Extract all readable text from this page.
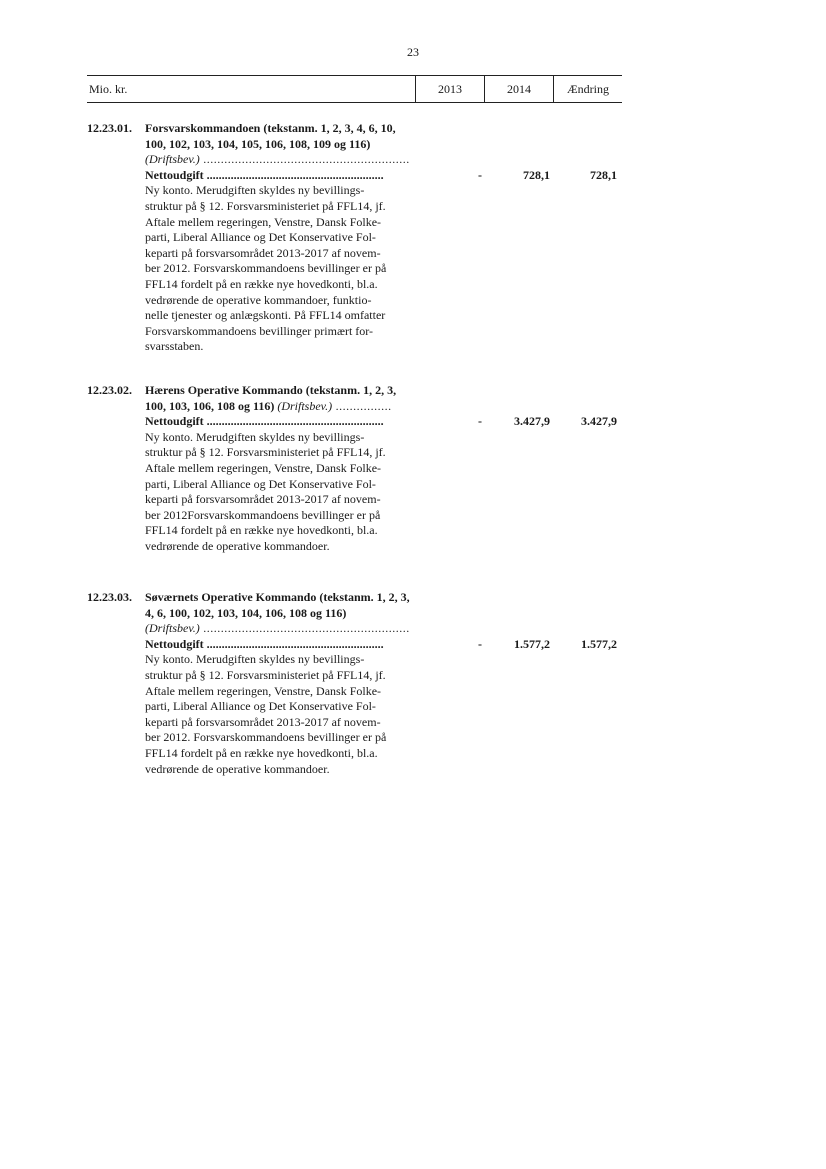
23
Mio. kr.	2013	2014	Ændring
12.23.01. Forsvarskommandoen (tekstanm. 1, 2, 3, 4, 6, 10,
100, 102, 103, 104, 105, 106, 108, 109 og 116)
(Driftsbev.) ...........................................................
Nettoudgift ...........................................................	-	728,1	728,1
Ny konto. Merudgiften skyldes ny bevillings-
struktur på § 12. Forsvarsministeriet på FFL14, jf.
Aftale mellem regeringen, Venstre, Dansk Folke-
parti, Liberal Alliance og Det Konservative Fol-
keparti på forsvarsområdet 2013-2017 af novem-
ber 2012. Forsvarskommandoens bevillinger er på
FFL14 fordelt på en række nye hovedkonti, bl.a.
vedrørende de operative kommandoer, funktio-
nelle tjenester og anlægskonti. På FFL14 omfatter
Forsvarskommandoens bevillinger primært for-
svarsstaben.
12.23.02. Hærens Operative Kommando (tekstanm. 1, 2, 3,
100, 103, 106, 108 og 116) (Driftsbev.) ................
Nettoudgift ...........................................................	-	3.427,9	3.427,9
Ny konto. Merudgiften skyldes ny bevillings-
struktur på § 12. Forsvarsministeriet på FFL14, jf.
Aftale mellem regeringen, Venstre, Dansk Folke-
parti, Liberal Alliance og Det Konservative Fol-
keparti på forsvarsområdet 2013-2017 af novem-
ber 2012Forsvarskommandoens bevillinger er på
FFL14 fordelt på en række nye hovedkonti, bl.a.
vedrørende de operative kommandoer.
12.23.03. Søværnets Operative Kommando (tekstanm. 1, 2, 3,
4, 6, 100, 102, 103, 104, 106, 108 og 116)
(Driftsbev.) ...........................................................
Nettoudgift ...........................................................	-	1.577,2	1.577,2
Ny konto. Merudgiften skyldes ny bevillings-
struktur på § 12. Forsvarsministeriet på FFL14, jf.
Aftale mellem regeringen, Venstre, Dansk Folke-
parti, Liberal Alliance og Det Konservative Fol-
keparti på forsvarsområdet 2013-2017 af novem-
ber 2012. Forsvarskommandoens bevillinger er på
FFL14 fordelt på en række nye hovedkonti, bl.a.
vedrørende de operative kommandoer.
